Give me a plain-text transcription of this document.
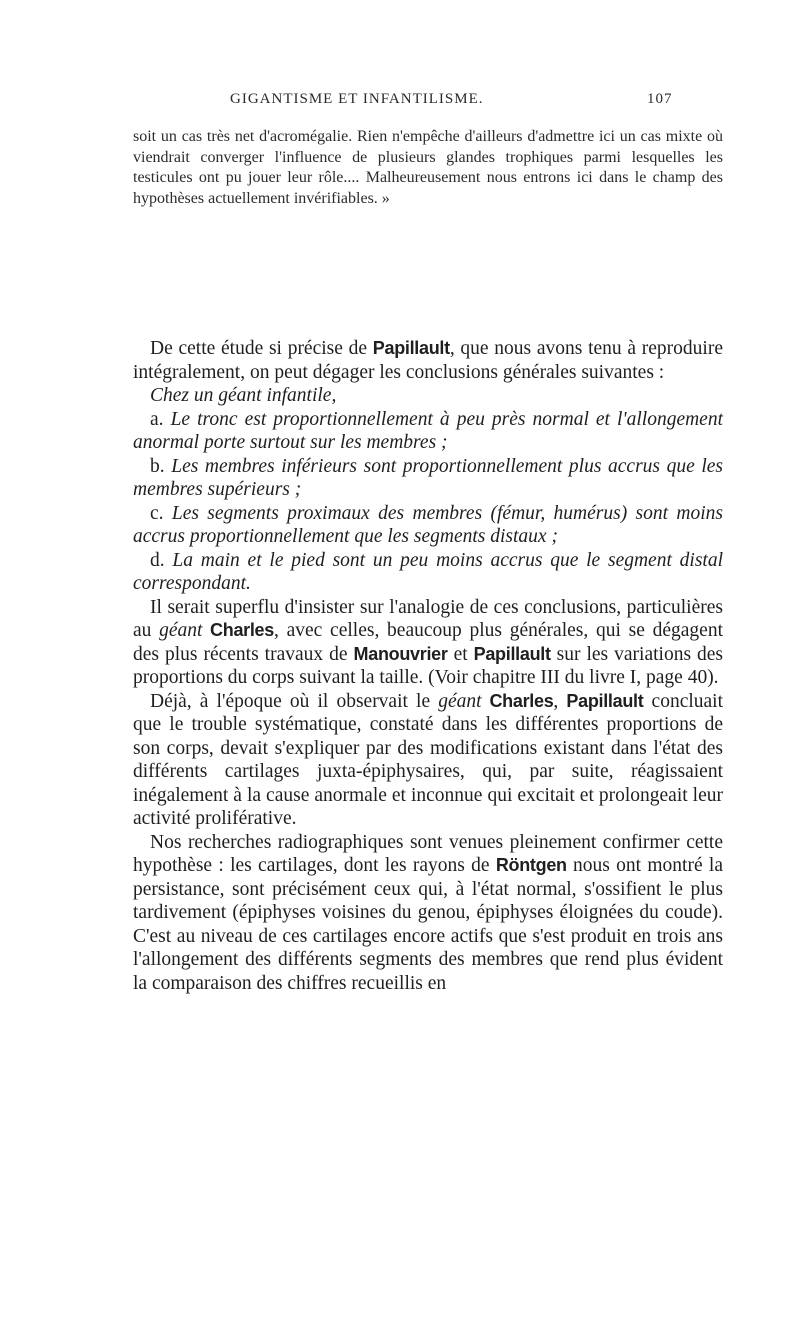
GIGANTISME ET INFANTILISME.	107

soit un cas très net d'acromégalie. Rien n'empêche d'ailleurs d'admettre ici un cas mixte où viendrait converger l'influence de plusieurs glandes trophiques parmi lesquelles les testicules ont pu jouer leur rôle.... Malheureusement nous entrons ici dans le champ des hypothèses actuellement invérifiables. »

De cette étude si précise de Papillault, que nous avons tenu à reproduire intégralement, on peut dégager les conclusions générales suivantes :

Chez un géant infantile,

a. Le tronc est proportionnellement à peu près normal et l'allongement anormal porte surtout sur les membres ;

b. Les membres inférieurs sont proportionnellement plus accrus que les membres supérieurs ;

c. Les segments proximaux des membres (fémur, humérus) sont moins accrus proportionnellement que les segments distaux ;

d. La main et le pied sont un peu moins accrus que le segment distal correspondant.

Il serait superflu d'insister sur l'analogie de ces conclusions, particulières au géant Charles, avec celles, beaucoup plus générales, qui se dégagent des plus récents travaux de Manouvrier et Papillault sur les variations des proportions du corps suivant la taille. (Voir chapitre III du livre I, page 40).

Déjà, à l'époque où il observait le géant Charles, Papillault concluait que le trouble systématique, constaté dans les différentes proportions de son corps, devait s'expliquer par des modifications existant dans l'état des différents cartilages juxta-épiphysaires, qui, par suite, réagissaient inégalement à la cause anormale et inconnue qui excitait et prolongeait leur activité proliférative.

Nos recherches radiographiques sont venues pleinement confirmer cette hypothèse : les cartilages, dont les rayons de Röntgen nous ont montré la persistance, sont précisément ceux qui, à l'état normal, s'ossifient le plus tardivement (épiphyses voisines du genou, épiphyses éloignées du coude). C'est au niveau de ces cartilages encore actifs que s'est produit en trois ans l'allongement des différents segments des membres que rend plus évident la comparaison des chiffres recueillis en
